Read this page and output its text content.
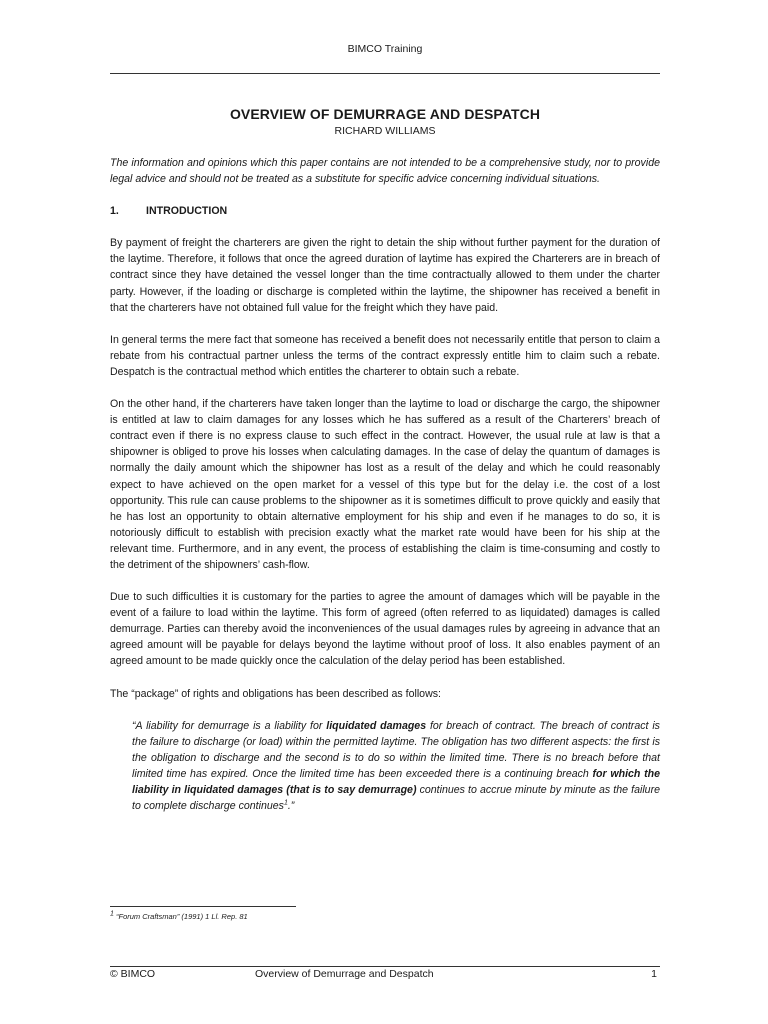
BIMCO Training
OVERVIEW OF DEMURRAGE AND DESPATCH
RICHARD WILLIAMS

The information and opinions which this paper contains are not intended to be a comprehensive study, nor to provide legal advice and should not be treated as a substitute for specific advice concerning individual situations.

1.	INTRODUCTION

By payment of freight the charterers are given the right to detain the ship without further payment for the duration of the laytime. Therefore, it follows that once the agreed duration of laytime has expired the Charterers are in breach of contract since they have detained the vessel longer than the time contractually allowed to them under the charter party. However, if the loading or discharge is completed within the laytime, the shipowner has received a benefit in that the charterers have not obtained full value for the freight which they have paid.

In general terms the mere fact that someone has received a benefit does not necessarily entitle that person to claim a rebate from his contractual partner unless the terms of the contract expressly entitle him to claim such a rebate. Despatch is the contractual method which entitles the charterer to obtain such a rebate.

On the other hand, if the charterers have taken longer than the laytime to load or discharge the cargo, the shipowner is entitled at law to claim damages for any losses which he has suffered as a result of the Charterers’ breach of contract even if there is no express clause to such effect in the contract. However, the usual rule at law is that a shipowner is obliged to prove his losses when calculating damages. In the case of delay the quantum of damages is normally the daily amount which the shipowner has lost as a result of the delay and which he could reasonably expect to have achieved on the open market for a vessel of this type but for the delay i.e. the cost of a lost opportunity. This rule can cause problems to the shipowner as it is sometimes difficult to prove quickly and easily that he has lost an opportunity to obtain alternative employment for his ship and even if he manages to do so, it is notoriously difficult to establish with precision exactly what the market rate would have been for his ship at the relevant time. Furthermore, and in any event, the process of establishing the claim is time-consuming and costly to the detriment of the shipowners’ cash-flow.

Due to such difficulties it is customary for the parties to agree the amount of damages which will be payable in the event of a failure to load within the laytime. This form of agreed (often referred to as liquidated) damages is called demurrage. Parties can thereby avoid the inconveniences of the usual damages rules by agreeing in advance that an agreed amount will be payable for delays beyond the laytime without proof of loss. It also enables payment of an agreed amount to be made quickly once the calculation of the delay period has been established.

The “package” of rights and obligations has been described as follows:

“A liability for demurrage is a liability for liquidated damages for breach of contract. The breach of contract is the failure to discharge (or load) within the permitted laytime. The obligation has two different aspects: the first is the obligation to discharge and the second is to do so within the limited time. There is no breach before that limited time has expired. Once the limited time has been exceeded there is a continuing breach for which the liability in liquidated damages (that is to say demurrage) continues to accrue minute by minute as the failure to complete discharge continues$^1$.”

$^1$ “Forum Craftsman” (1991) 1 Ll. Rep. 81
© BIMCO	Overview of Demurrage and Despatch	1
